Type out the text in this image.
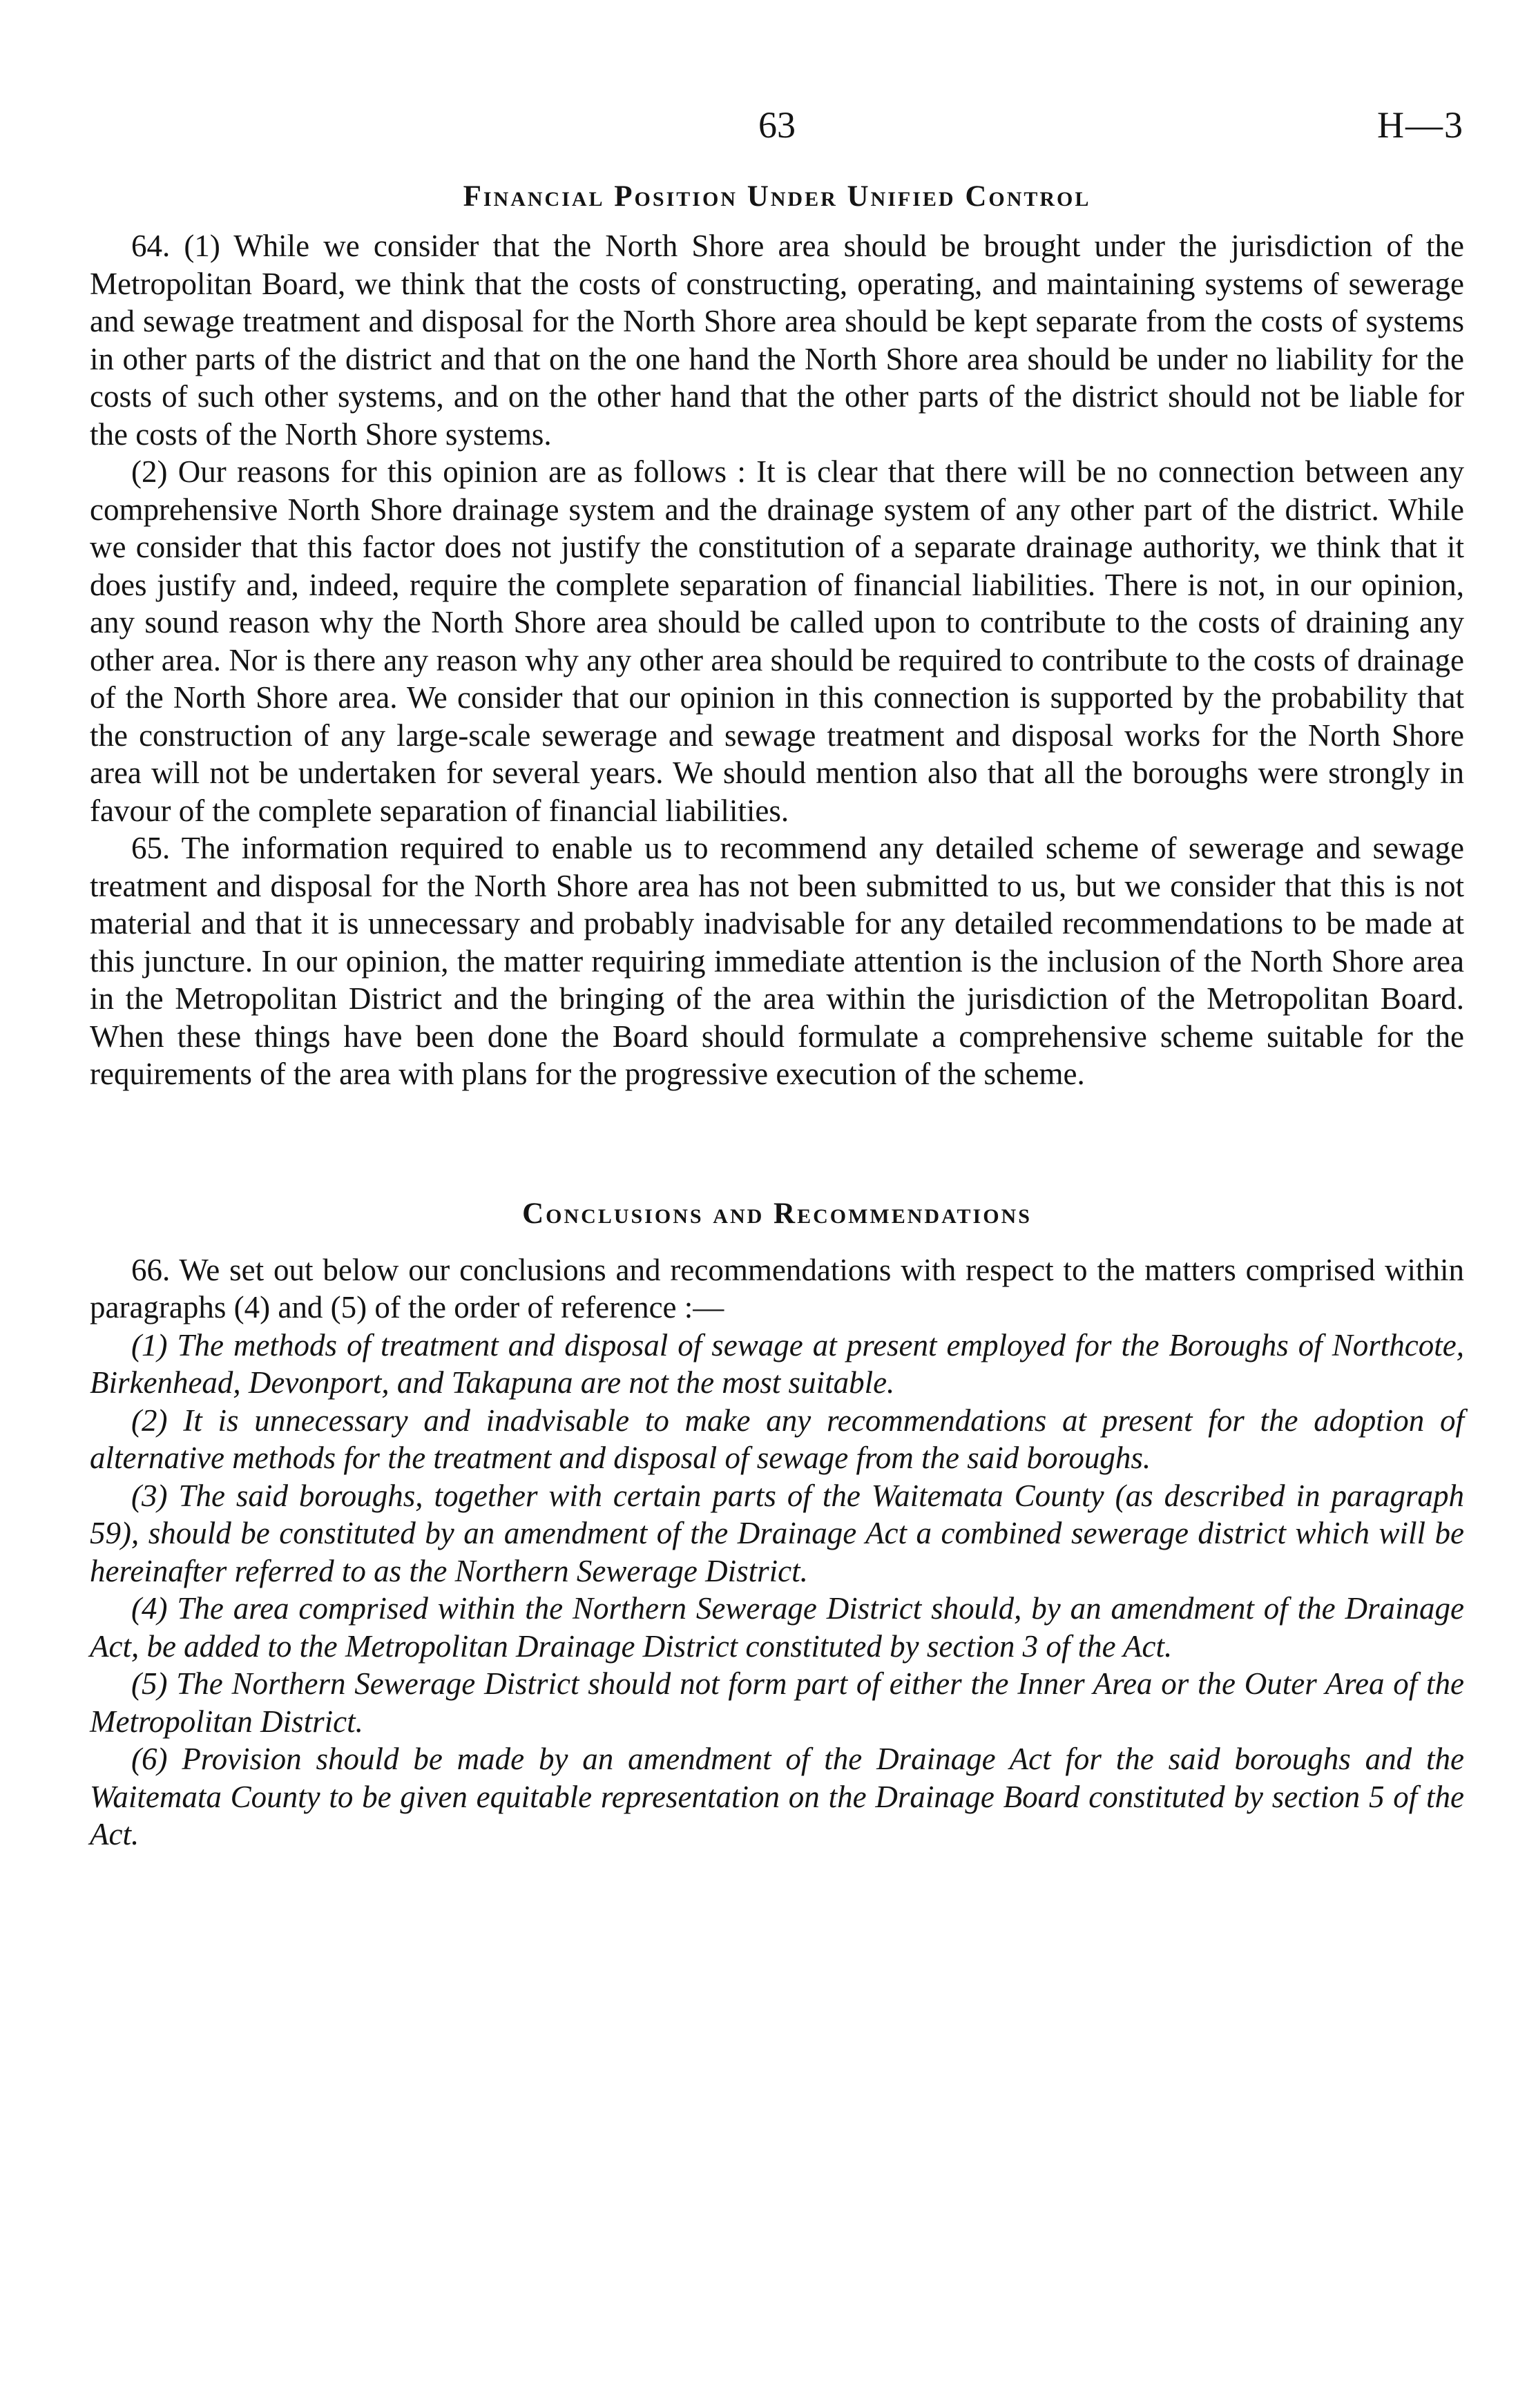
63	H—3
Financial Position Under Unified Control

64. (1) While we consider that the North Shore area should be brought under the jurisdiction of the Metropolitan Board, we think that the costs of constructing, operating, and maintaining systems of sewerage and sewage treatment and disposal for the North Shore area should be kept separate from the costs of systems in other parts of the district and that on the one hand the North Shore area should be under no liability for the costs of such other systems, and on the other hand that the other parts of the district should not be liable for the costs of the North Shore systems.

(2) Our reasons for this opinion are as follows : It is clear that there will be no connection between any comprehensive North Shore drainage system and the drainage system of any other part of the district. While we consider that this factor does not justify the constitution of a separate drainage authority, we think that it does justify and, indeed, require the complete separation of financial liabilities. There is not, in our opinion, any sound reason why the North Shore area should be called upon to contribute to the costs of draining any other area. Nor is there any reason why any other area should be required to contribute to the costs of drainage of the North Shore area. We consider that our opinion in this connection is supported by the probability that the construction of any large-scale sewerage and sewage treatment and disposal works for the North Shore area will not be undertaken for several years. We should mention also that all the boroughs were strongly in favour of the complete separation of financial liabilities.

65. The information required to enable us to recommend any detailed scheme of sewerage and sewage treatment and disposal for the North Shore area has not been submitted to us, but we consider that this is not material and that it is unnecessary and probably inadvisable for any detailed recommendations to be made at this juncture. In our opinion, the matter requiring immediate attention is the inclusion of the North Shore area in the Metropolitan District and the bringing of the area within the jurisdiction of the Metropolitan Board. When these things have been done the Board should formulate a comprehensive scheme suitable for the requirements of the area with plans for the progressive execution of the scheme.

Conclusions and Recommendations

66. We set out below our conclusions and recommendations with respect to the matters comprised within paragraphs (4) and (5) of the order of reference :—

(1) The methods of treatment and disposal of sewage at present employed for the Boroughs of Northcote, Birkenhead, Devonport, and Takapuna are not the most suitable.

(2) It is unnecessary and inadvisable to make any recommendations at present for the adoption of alternative methods for the treatment and disposal of sewage from the said boroughs.

(3) The said boroughs, together with certain parts of the Waitemata County (as described in paragraph 59), should be constituted by an amendment of the Drainage Act a combined sewerage district which will be hereinafter referred to as the Northern Sewerage District.

(4) The area comprised within the Northern Sewerage District should, by an amendment of the Drainage Act, be added to the Metropolitan Drainage District constituted by section 3 of the Act.

(5) The Northern Sewerage District should not form part of either the Inner Area or the Outer Area of the Metropolitan District.

(6) Provision should be made by an amendment of the Drainage Act for the said boroughs and the Waitemata County to be given equitable representation on the Drainage Board constituted by section 5 of the Act.
